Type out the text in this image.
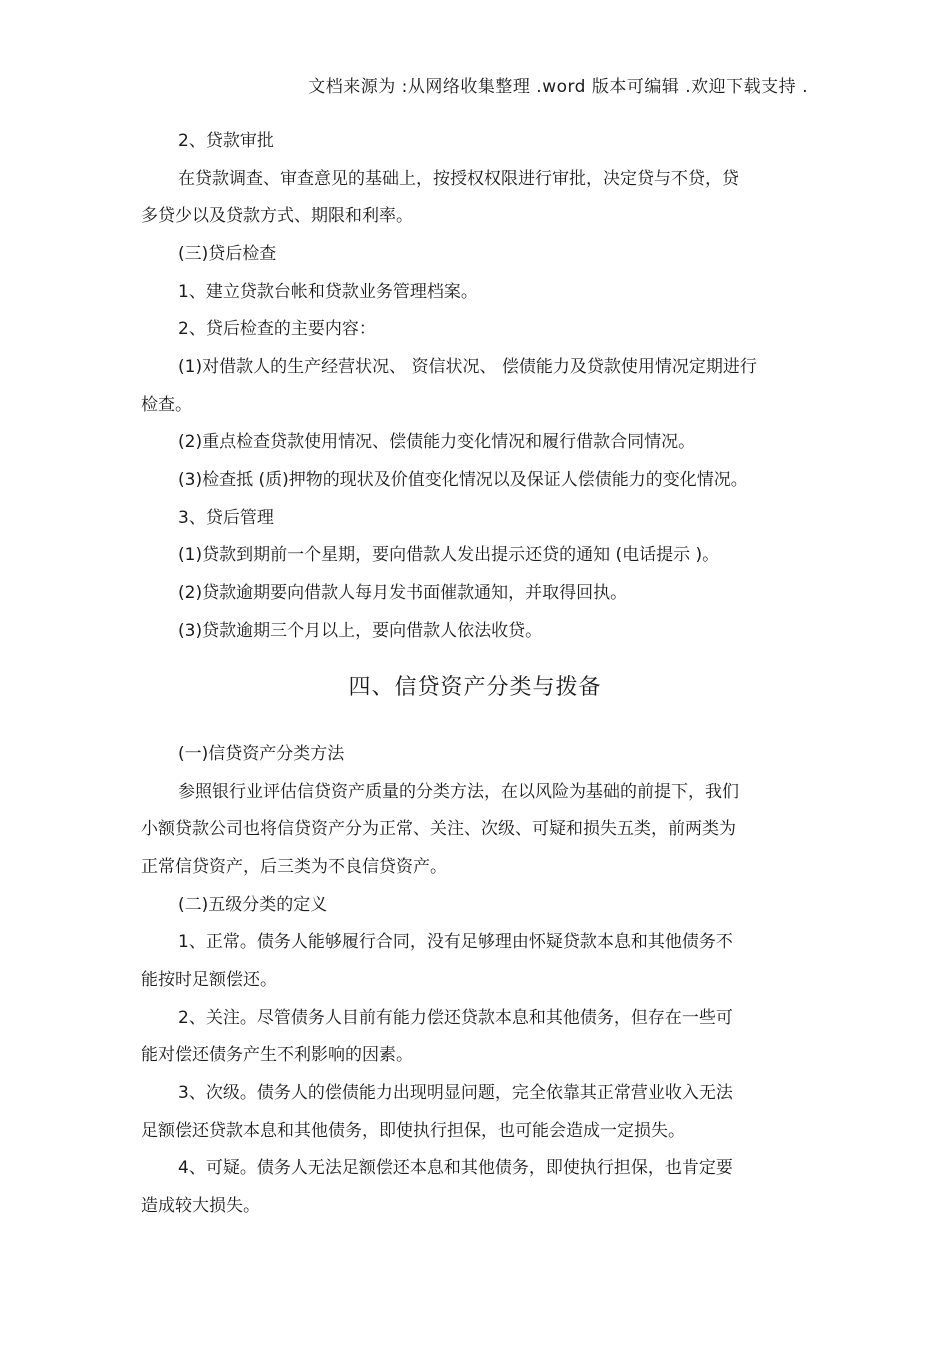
文档来源为 :从网络收集整理 .word 版本可编辑 .欢迎下载支持 .
2、贷款审批
在贷款调查、审查意见的基础上，按授权权限进行审批，决定贷与不贷，贷
多贷少以及贷款方式、期限和利率。
(三)贷后检查
1、建立贷款台帐和贷款业务管理档案。
2、贷后检查的主要内容：
(1)对借款人的生产经营状况、 资信状况、 偿债能力及贷款使用情况定期进行
检查。
(2)重点检查贷款使用情况、偿债能力变化情况和履行借款合同情况。
(3)检查抵 (质)押物的现状及价值变化情况以及保证人偿债能力的变化情况。
3、贷后管理
(1)贷款到期前一个星期，要向借款人发出提示还贷的通知 (电话提示 )。
(2)贷款逾期要向借款人每月发书面催款通知，并取得回执。
(3)贷款逾期三个月以上，要向借款人依法收贷。
四、信贷资产分类与拨备
(一)信贷资产分类方法
参照银行业评估信贷资产质量的分类方法，在以风险为基础的前提下，我们
小额贷款公司也将信贷资产分为正常、关注、次级、可疑和损失五类，前两类为
正常信贷资产，后三类为不良信贷资产。
(二)五级分类的定义
1、正常。债务人能够履行合同，没有足够理由怀疑贷款本息和其他债务不
能按时足额偿还。
2、关注。尽管债务人目前有能力偿还贷款本息和其他债务，但存在一些可
能对偿还债务产生不利影响的因素。
3、次级。债务人的偿债能力出现明显问题，完全依靠其正常营业收入无法
足额偿还贷款本息和其他债务，即使执行担保，也可能会造成一定损失。
4、可疑。债务人无法足额偿还本息和其他债务，即使执行担保，也肯定要
造成较大损失。
